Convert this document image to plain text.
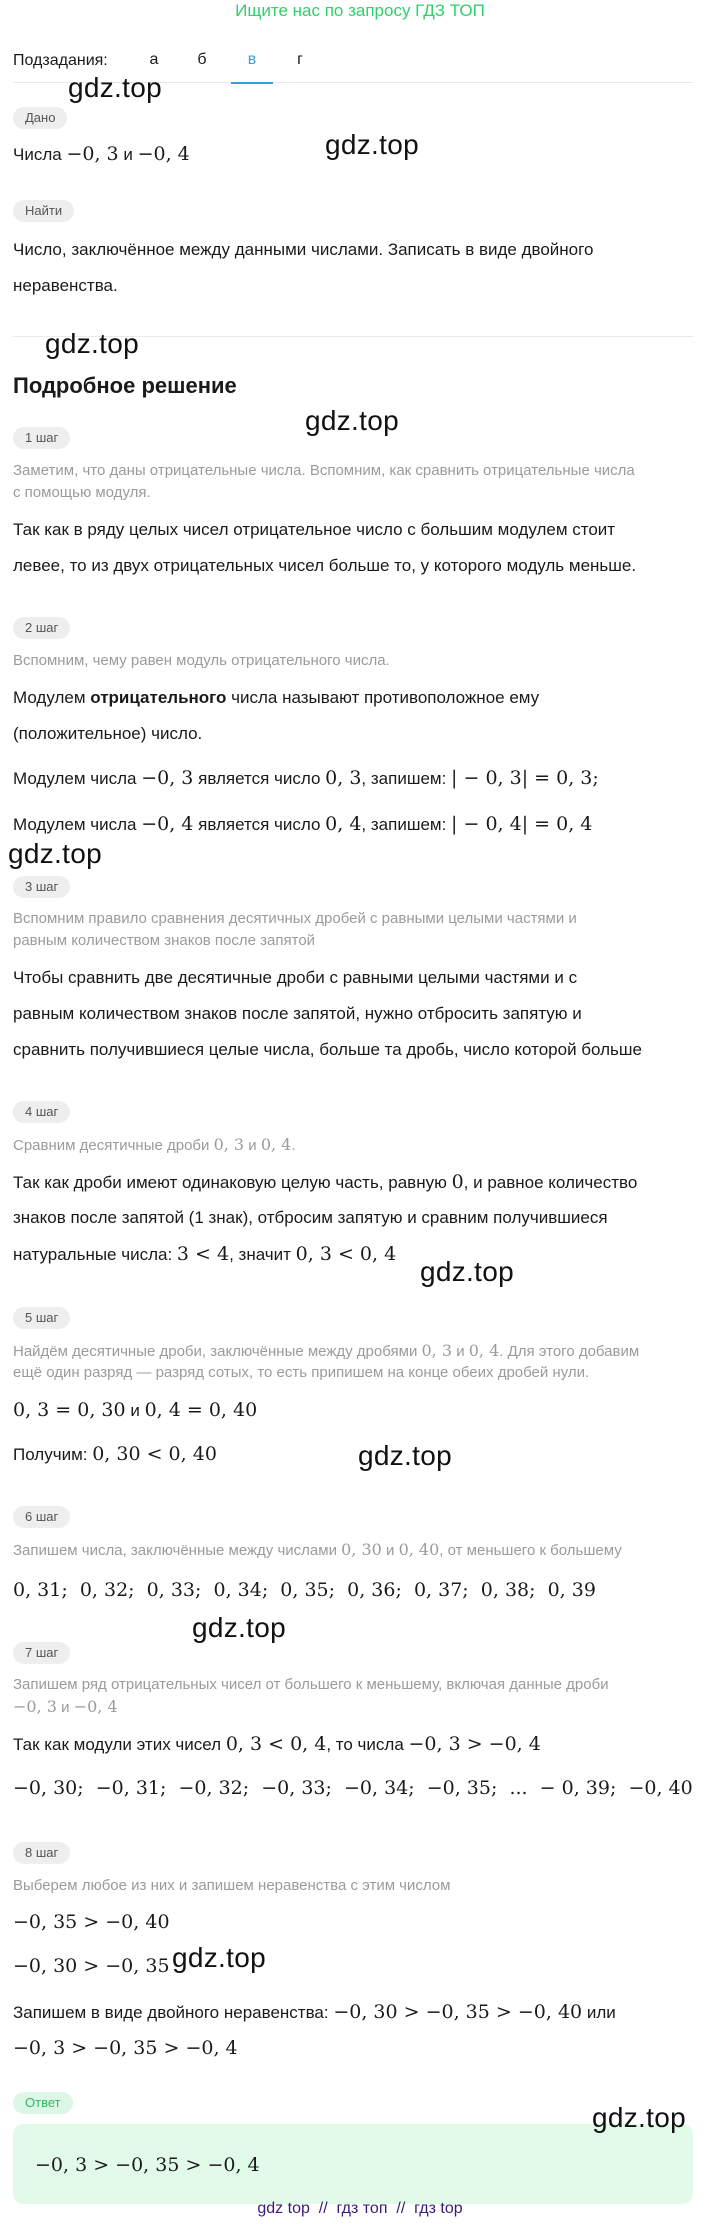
Ищите нас по запросу ГДЗ ТОП
Подзадания:	а	б	в	г
Дано
Числа −0, 3 и −0, 4
Найти
Число, заключённое между данными числами. Записать в виде двойного
неравенства.
Подробное решение
1 шаг
Заметим, что даны отрицательные числа. Вспомним, как сравнить отрицательные числа
с помощью модуля.
Так как в ряду целых чисел отрицательное число с большим модулем стоит
левее, то из двух отрицательных чисел больше то, у которого модуль меньше.
2 шаг
Вспомним, чему равен модуль отрицательного числа.
Модулем отрицательного числа называют противоположное ему
(положительное) число.
Модулем числа −0, 3 является число 0, 3, запишем: | − 0, 3| = 0, 3;
Модулем числа −0, 4 является число 0, 4, запишем: | − 0, 4| = 0, 4
3 шаг
Вспомним правило сравнения десятичных дробей с равными целыми частями и
равным количеством знаков после запятой
Чтобы сравнить две десятичные дроби с равными целыми частями и с
равным количеством знаков после запятой, нужно отбросить запятую и
сравнить получившиеся целые числа, больше та дробь, число которой больше
4 шаг
Сравним десятичные дроби 0, 3 и 0, 4.
Так как дроби имеют одинаковую целую часть, равную 0, и равное количество
знаков после запятой (1 знак), отбросим запятую и сравним получившиеся
натуральные числа: 3 < 4, значит 0, 3 < 0, 4
5 шаг
Найдём десятичные дроби, заключённые между дробями 0, 3 и 0, 4. Для этого добавим
ещё один разряд — разряд сотых, то есть припишем на конце обеих дробей нули.
0, 3 = 0, 30 и 0, 4 = 0, 40
Получим: 0, 30 < 0, 40
6 шаг
Запишем числа, заключённые между числами 0, 30 и 0, 40, от меньшего к большему
0, 31;  0, 32;  0, 33;  0, 34;  0, 35;  0, 36;  0, 37;  0, 38;  0, 39
7 шаг
Запишем ряд отрицательных чисел от большего к меньшему, включая данные дроби
−0, 3 и −0, 4
Так как модули этих чисел 0, 3 < 0, 4, то числа −0, 3 > −0, 4
−0, 30;  −0, 31;  −0, 32;  −0, 33;  −0, 34;  −0, 35;  ...  − 0, 39;  −0, 40
8 шаг
Выберем любое из них и запишем неравенства с этим числом
−0, 35 > −0, 40
−0, 30 > −0, 35
Запишем в виде двойного неравенства: −0, 30 > −0, 35 > −0, 40 или
−0, 3 > −0, 35 > −0, 4
Ответ
−0, 3 > −0, 35 > −0, 4
gdz.top
gdz.top
gdz.top
gdz.top
gdz.top
gdz.top
gdz.top
gdz.top
gdz.top
gdz.top
gdz top  //  гдз топ  //  гдз top
